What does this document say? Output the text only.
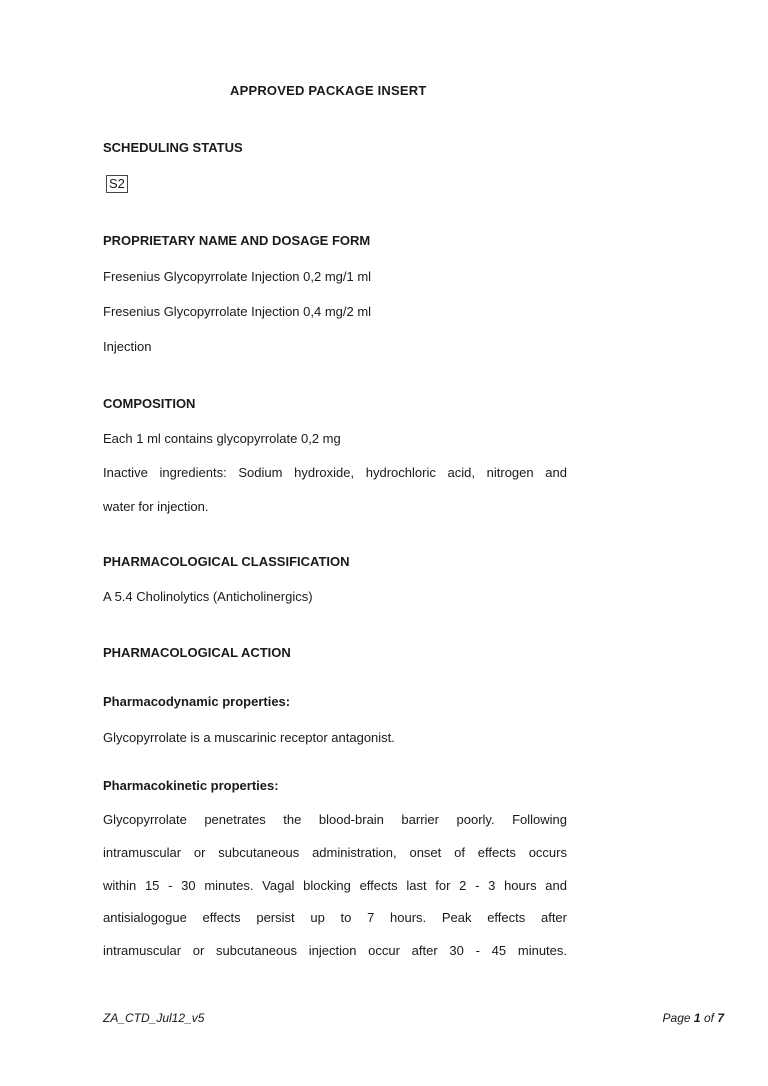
APPROVED PACKAGE INSERT
SCHEDULING STATUS
S2
PROPRIETARY NAME AND DOSAGE FORM
Fresenius Glycopyrrolate Injection 0,2 mg/1 ml
Fresenius Glycopyrrolate Injection 0,4 mg/2 ml
Injection
COMPOSITION
Each 1 ml contains glycopyrrolate 0,2 mg
Inactive ingredients: Sodium hydroxide, hydrochloric acid, nitrogen and
water for injection.
PHARMACOLOGICAL CLASSIFICATION
A 5.4 Cholinolytics (Anticholinergics)
PHARMACOLOGICAL ACTION
Pharmacodynamic properties:
Glycopyrrolate is a muscarinic receptor antagonist.
Pharmacokinetic properties:
Glycopyrrolate penetrates the blood-brain barrier poorly. Following
intramuscular or subcutaneous administration, onset of effects occurs
within 15 - 30 minutes. Vagal blocking effects last for 2 - 3 hours and
antisialogogue effects persist up to 7 hours. Peak effects after
intramuscular or subcutaneous injection occur after 30 - 45 minutes.
ZA_CTD_Jul12_v5	Page 1 of 7
